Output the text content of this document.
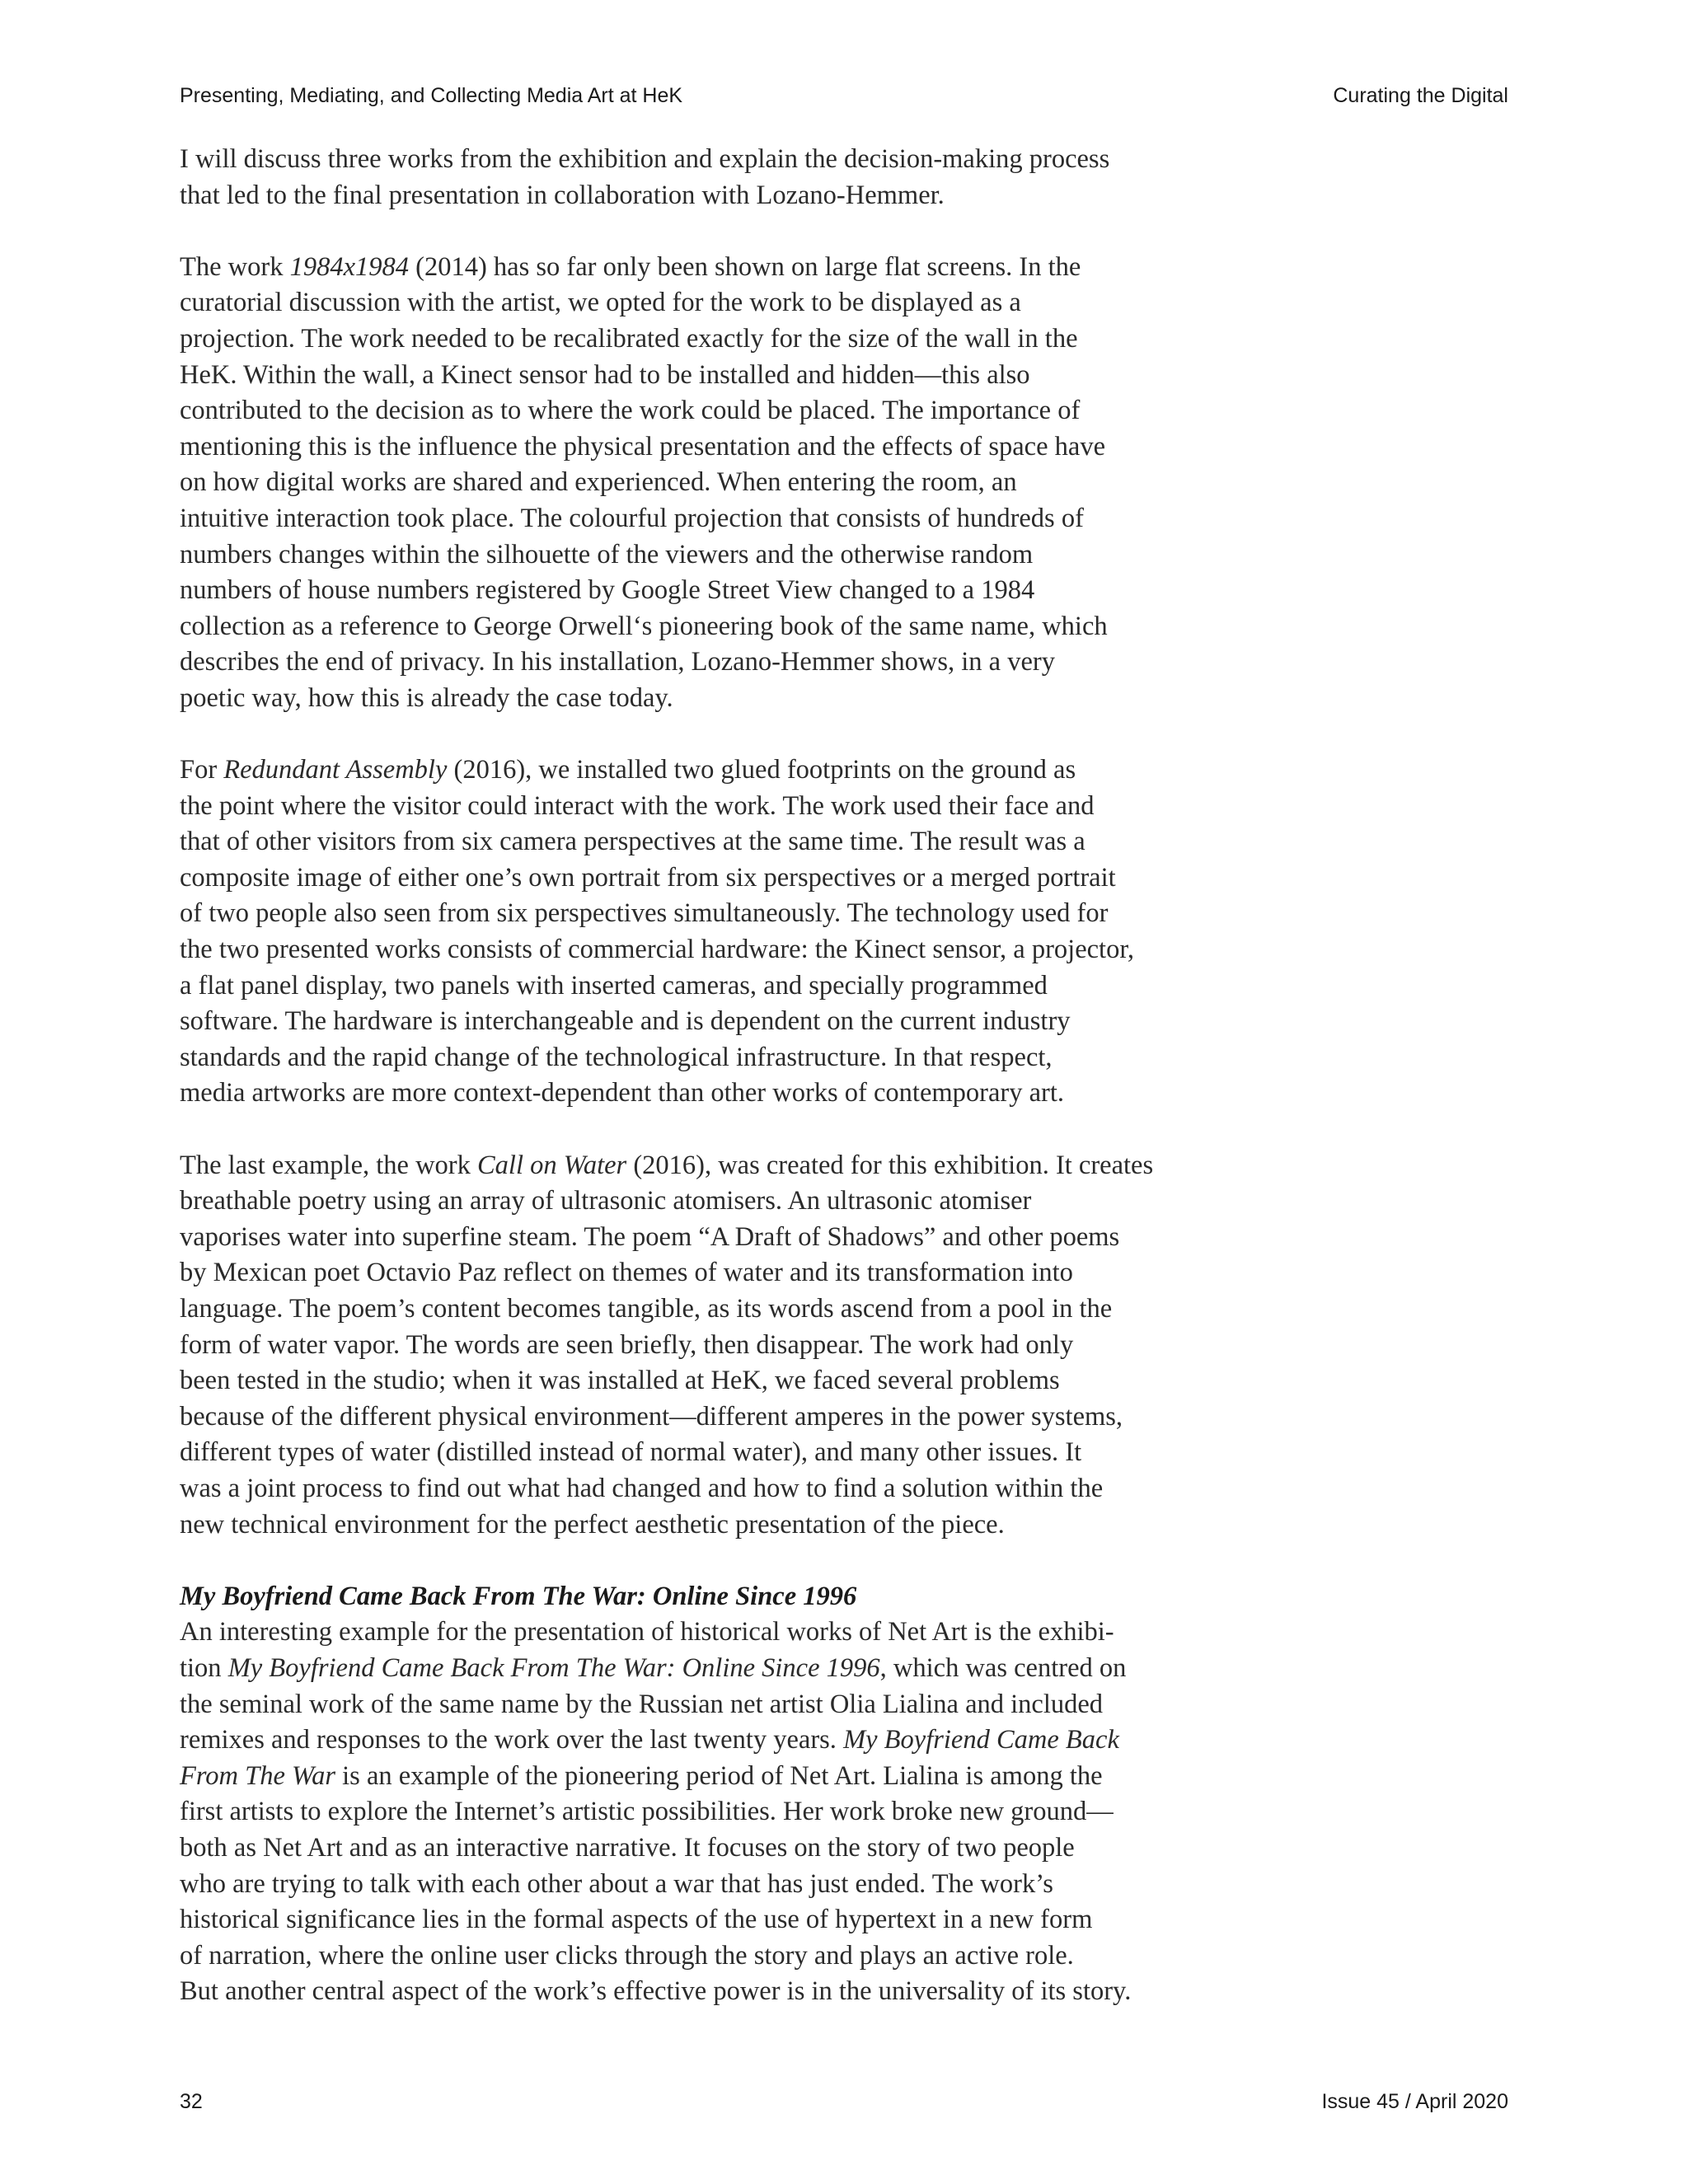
Presenting, Mediating, and Collecting Media Art at HeK	Curating the Digital

I will discuss three works from the exhibition and explain the decision-making process
that led to the final presentation in collaboration with Lozano-Hemmer.

The work 1984x1984 (2014) has so far only been shown on large flat screens. In the
curatorial discussion with the artist, we opted for the work to be displayed as a
projection. The work needed to be recalibrated exactly for the size of the wall in the
HeK. Within the wall, a Kinect sensor had to be installed and hidden—this also
contributed to the decision as to where the work could be placed. The importance of
mentioning this is the influence the physical presentation and the effects of space have
on how digital works are shared and experienced. When entering the room, an
intuitive interaction took place. The colourful projection that consists of hundreds of
numbers changes within the silhouette of the viewers and the otherwise random
numbers of house numbers registered by Google Street View changed to a 1984
collection as a reference to George Orwell‘s pioneering book of the same name, which
describes the end of privacy. In his installation, Lozano-Hemmer shows, in a very
poetic way, how this is already the case today.

For Redundant Assembly (2016), we installed two glued footprints on the ground as
the point where the visitor could interact with the work. The work used their face and
that of other visitors from six camera perspectives at the same time. The result was a
composite image of either one’s own portrait from six perspectives or a merged portrait
of two people also seen from six perspectives simultaneously. The technology used for
the two presented works consists of commercial hardware: the Kinect sensor, a projector,
a flat panel display, two panels with inserted cameras, and specially programmed
software. The hardware is interchangeable and is dependent on the current industry
standards and the rapid change of the technological infrastructure. In that respect,
media artworks are more context-dependent than other works of contemporary art.

The last example, the work Call on Water (2016), was created for this exhibition. It creates
breathable poetry using an array of ultrasonic atomisers. An ultrasonic atomiser
vaporises water into superfine steam. The poem “A Draft of Shadows” and other poems
by Mexican poet Octavio Paz reflect on themes of water and its transformation into
language. The poem’s content becomes tangible, as its words ascend from a pool in the
form of water vapor. The words are seen briefly, then disappear. The work had only
been tested in the studio; when it was installed at HeK, we faced several problems
because of the different physical environment—different amperes in the power systems,
different types of water (distilled instead of normal water), and many other issues. It
was a joint process to find out what had changed and how to find a solution within the
new technical environment for the perfect aesthetic presentation of the piece.

My Boyfriend Came Back From The War: Online Since 1996

An interesting example for the presentation of historical works of Net Art is the exhibi-
tion My Boyfriend Came Back From The War: Online Since 1996, which was centred on
the seminal work of the same name by the Russian net artist Olia Lialina and included
remixes and responses to the work over the last twenty years. My Boyfriend Came Back
From The War is an example of the pioneering period of Net Art. Lialina is among the
first artists to explore the Internet’s artistic possibilities. Her work broke new ground—
both as Net Art and as an interactive narrative. It focuses on the story of two people
who are trying to talk with each other about a war that has just ended. The work’s
historical significance lies in the formal aspects of the use of hypertext in a new form
of narration, where the online user clicks through the story and plays an active role.
But another central aspect of the work’s effective power is in the universality of its story.

32	Issue 45 / April 2020
